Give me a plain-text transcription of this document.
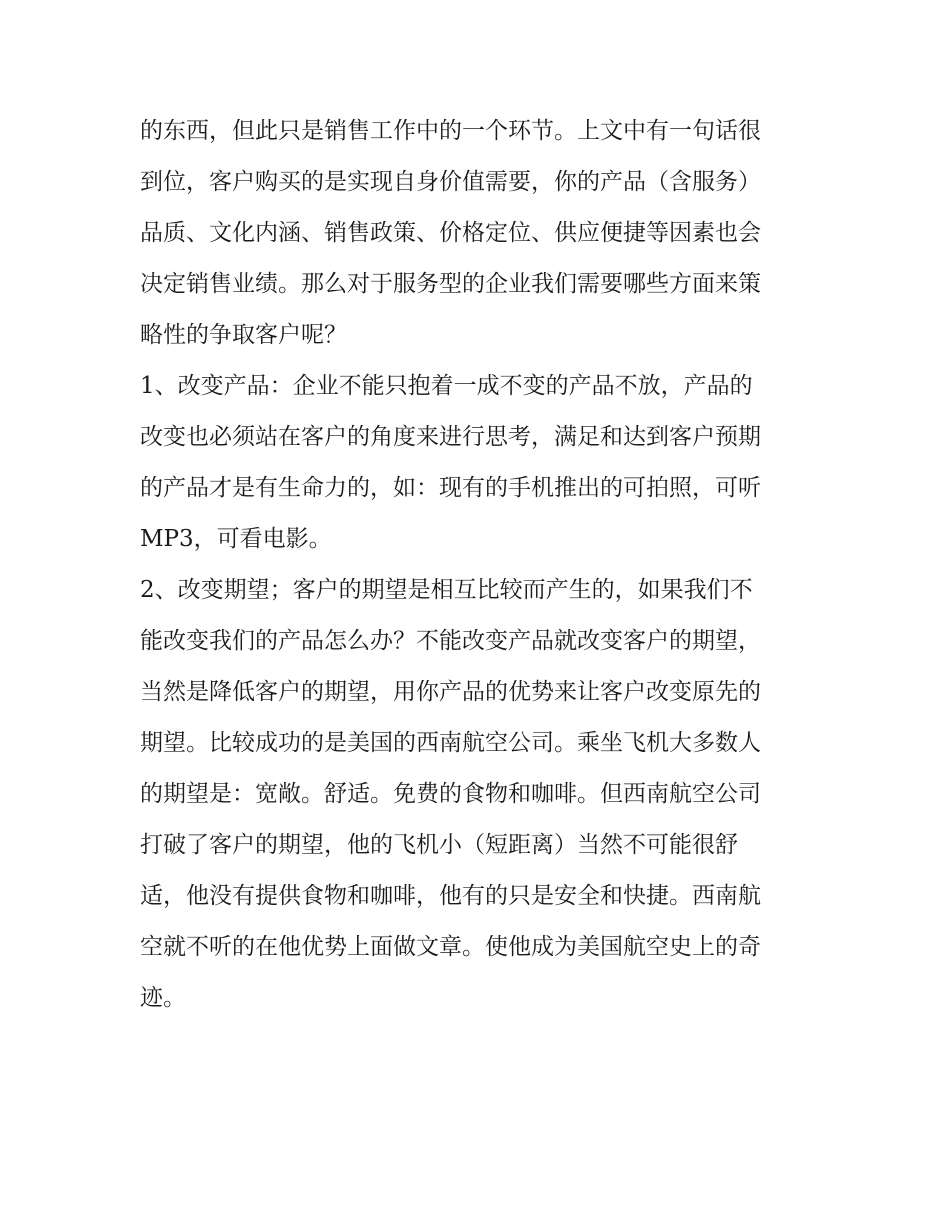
的东西，但此只是销售工作中的一个环节。上文中有一句话很
到位，客户购买的是实现自身价值需要，你的产品（含服务）
品质、文化内涵、销售政策、价格定位、供应便捷等因素也会
决定销售业绩。那么对于服务型的企业我们需要哪些方面来策
略性的争取客户呢？
1、改变产品：企业不能只抱着一成不变的产品不放，产品的
改变也必须站在客户的角度来进行思考，满足和达到客户预期
的产品才是有生命力的，如：现有的手机推出的可拍照，可听
MP3，可看电影。
2、改变期望；客户的期望是相互比较而产生的，如果我们不
能改变我们的产品怎么办？不能改变产品就改变客户的期望，
当然是降低客户的期望，用你产品的优势来让客户改变原先的
期望。比较成功的是美国的西南航空公司。乘坐飞机大多数人
的期望是：宽敞。舒适。免费的食物和咖啡。但西南航空公司
打破了客户的期望，他的飞机小（短距离）当然不可能很舒
适，他没有提供食物和咖啡，他有的只是安全和快捷。西南航
空就不听的在他优势上面做文章。使他成为美国航空史上的奇
迹。
